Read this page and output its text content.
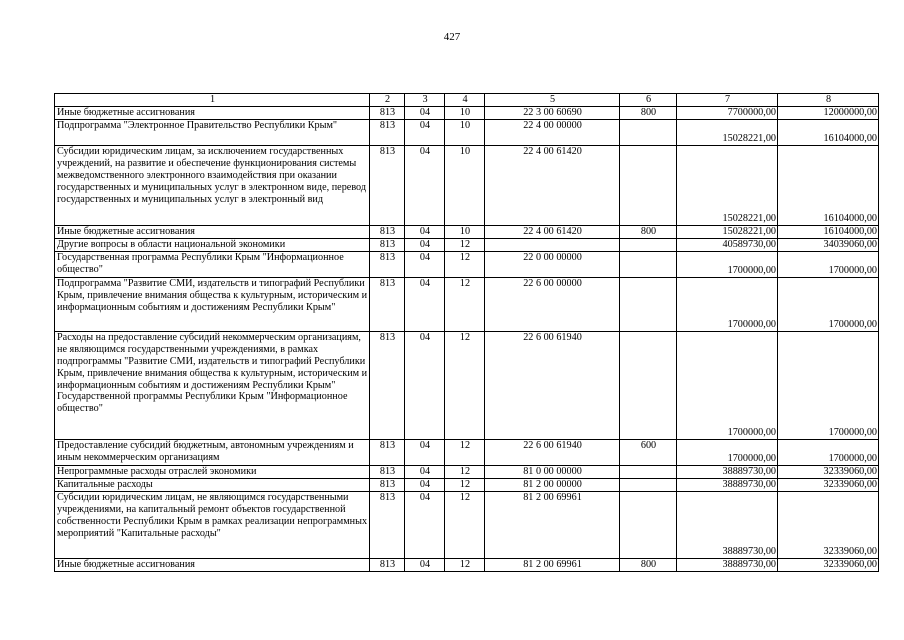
427
1	2	3	4	5	6	7	8
Иные бюджетные ассигнования	813	04	10	22 3 00 60690	800	7700000,00	12000000,00
Подпрограмма "Электронное Правительство Республики Крым"	813	04	10	22 4 00 00000		15028221,00	16104000,00
Субсидии юридическим лицам, за исключением государственных учреждений, на развитие и обеспечение функционирования системы межведомственного электронного взаимодействия при оказании государственных и муниципальных услуг в электронном виде, перевод государственных и муниципальных услуг в электронный вид	813	04	10	22 4 00 61420		15028221,00	16104000,00
Иные бюджетные ассигнования	813	04	10	22 4 00 61420	800	15028221,00	16104000,00
Другие вопросы в области национальной экономики	813	04	12			40589730,00	34039060,00
Государственная программа Республики Крым "Информационное общество"	813	04	12	22 0 00 00000		1700000,00	1700000,00
Подпрограмма "Развитие СМИ, издательств и типографий Республики Крым, привлечение внимания общества к культурным, историческим и информационным событиям и достижениям Республики Крым"	813	04	12	22 6 00 00000		1700000,00	1700000,00
Расходы на предоставление субсидий некоммерческим организациям, не являющимся государственными учреждениями, в рамках подпрограммы "Развитие СМИ, издательств и типографий Республики Крым, привлечение внимания общества к культурным, историческим и информационным событиям и достижениям Республики Крым" Государственной программы Республики Крым "Информационное общество"	813	04	12	22 6 00 61940		1700000,00	1700000,00
Предоставление субсидий бюджетным, автономным учреждениям и иным некоммерческим организациям	813	04	12	22 6 00 61940	600	1700000,00	1700000,00
Непрограммные расходы отраслей экономики	813	04	12	81 0 00 00000		38889730,00	32339060,00
Капитальные расходы	813	04	12	81 2 00 00000		38889730,00	32339060,00
Субсидии юридическим лицам, не являющимся государственными учреждениями, на капитальный ремонт объектов государственной собственности Республики Крым в рамках реализации непрограммных мероприятий "Капитальные расходы"	813	04	12	81 2 00 69961		38889730,00	32339060,00
Иные бюджетные ассигнования	813	04	12	81 2 00 69961	800	38889730,00	32339060,00
